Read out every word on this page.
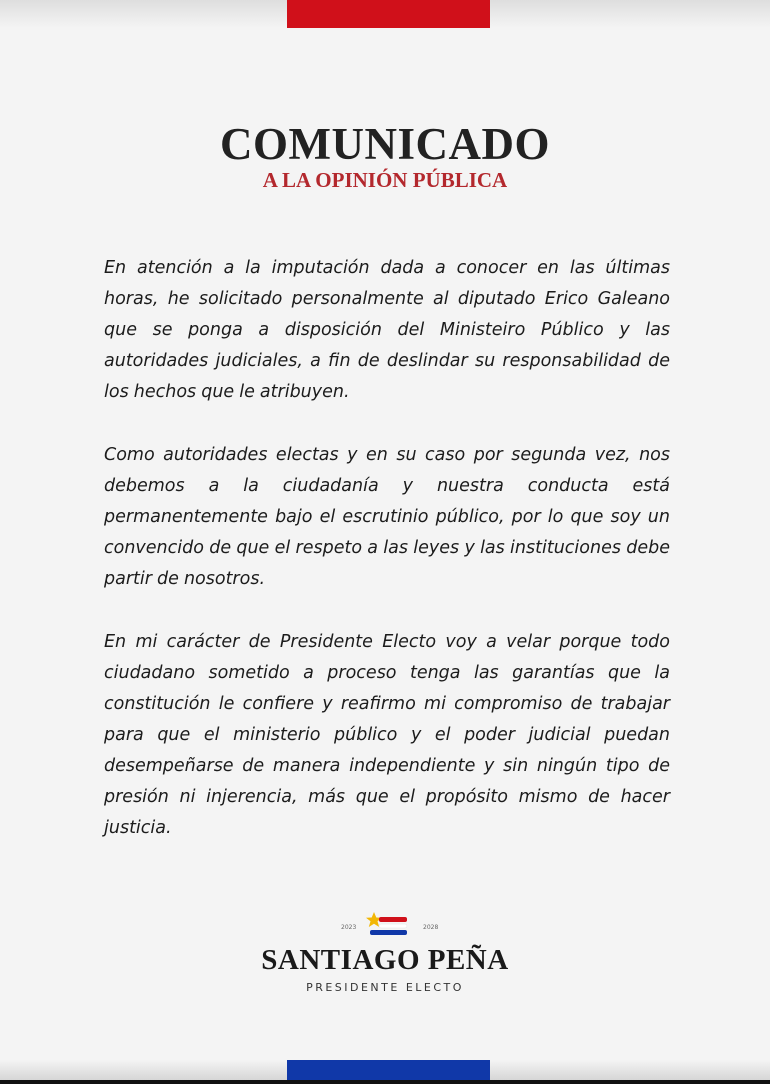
COMUNICADO
A LA OPINIÓN PÚBLICA

En atención a la imputación dada a conocer en las últimas horas, he solicitado personalmente al diputado Erico Galeano que se ponga a disposición del Ministeiro Público y las autoridades judiciales, a fin de deslindar su responsabilidad de los hechos que le atribuyen.

Como autoridades electas y en su caso por segunda vez, nos debemos a la ciudadanía y nuestra conducta está permanentemente bajo el escrutinio público, por lo que soy un convencido de que el respeto a las leyes y las instituciones debe partir de nosotros.

En mi carácter de Presidente Electo voy a velar porque todo ciudadano sometido a proceso tenga las garantías que la constitución le confiere y reafirmo mi compromiso de trabajar para que el ministerio público y el poder judicial puedan desempeñarse de manera independiente y sin ningún tipo de presión ni injerencia, más que el propósito mismo de hacer justicia.

2023	2028
SANTIAGO PEÑA
PRESIDENTE ELECTO
